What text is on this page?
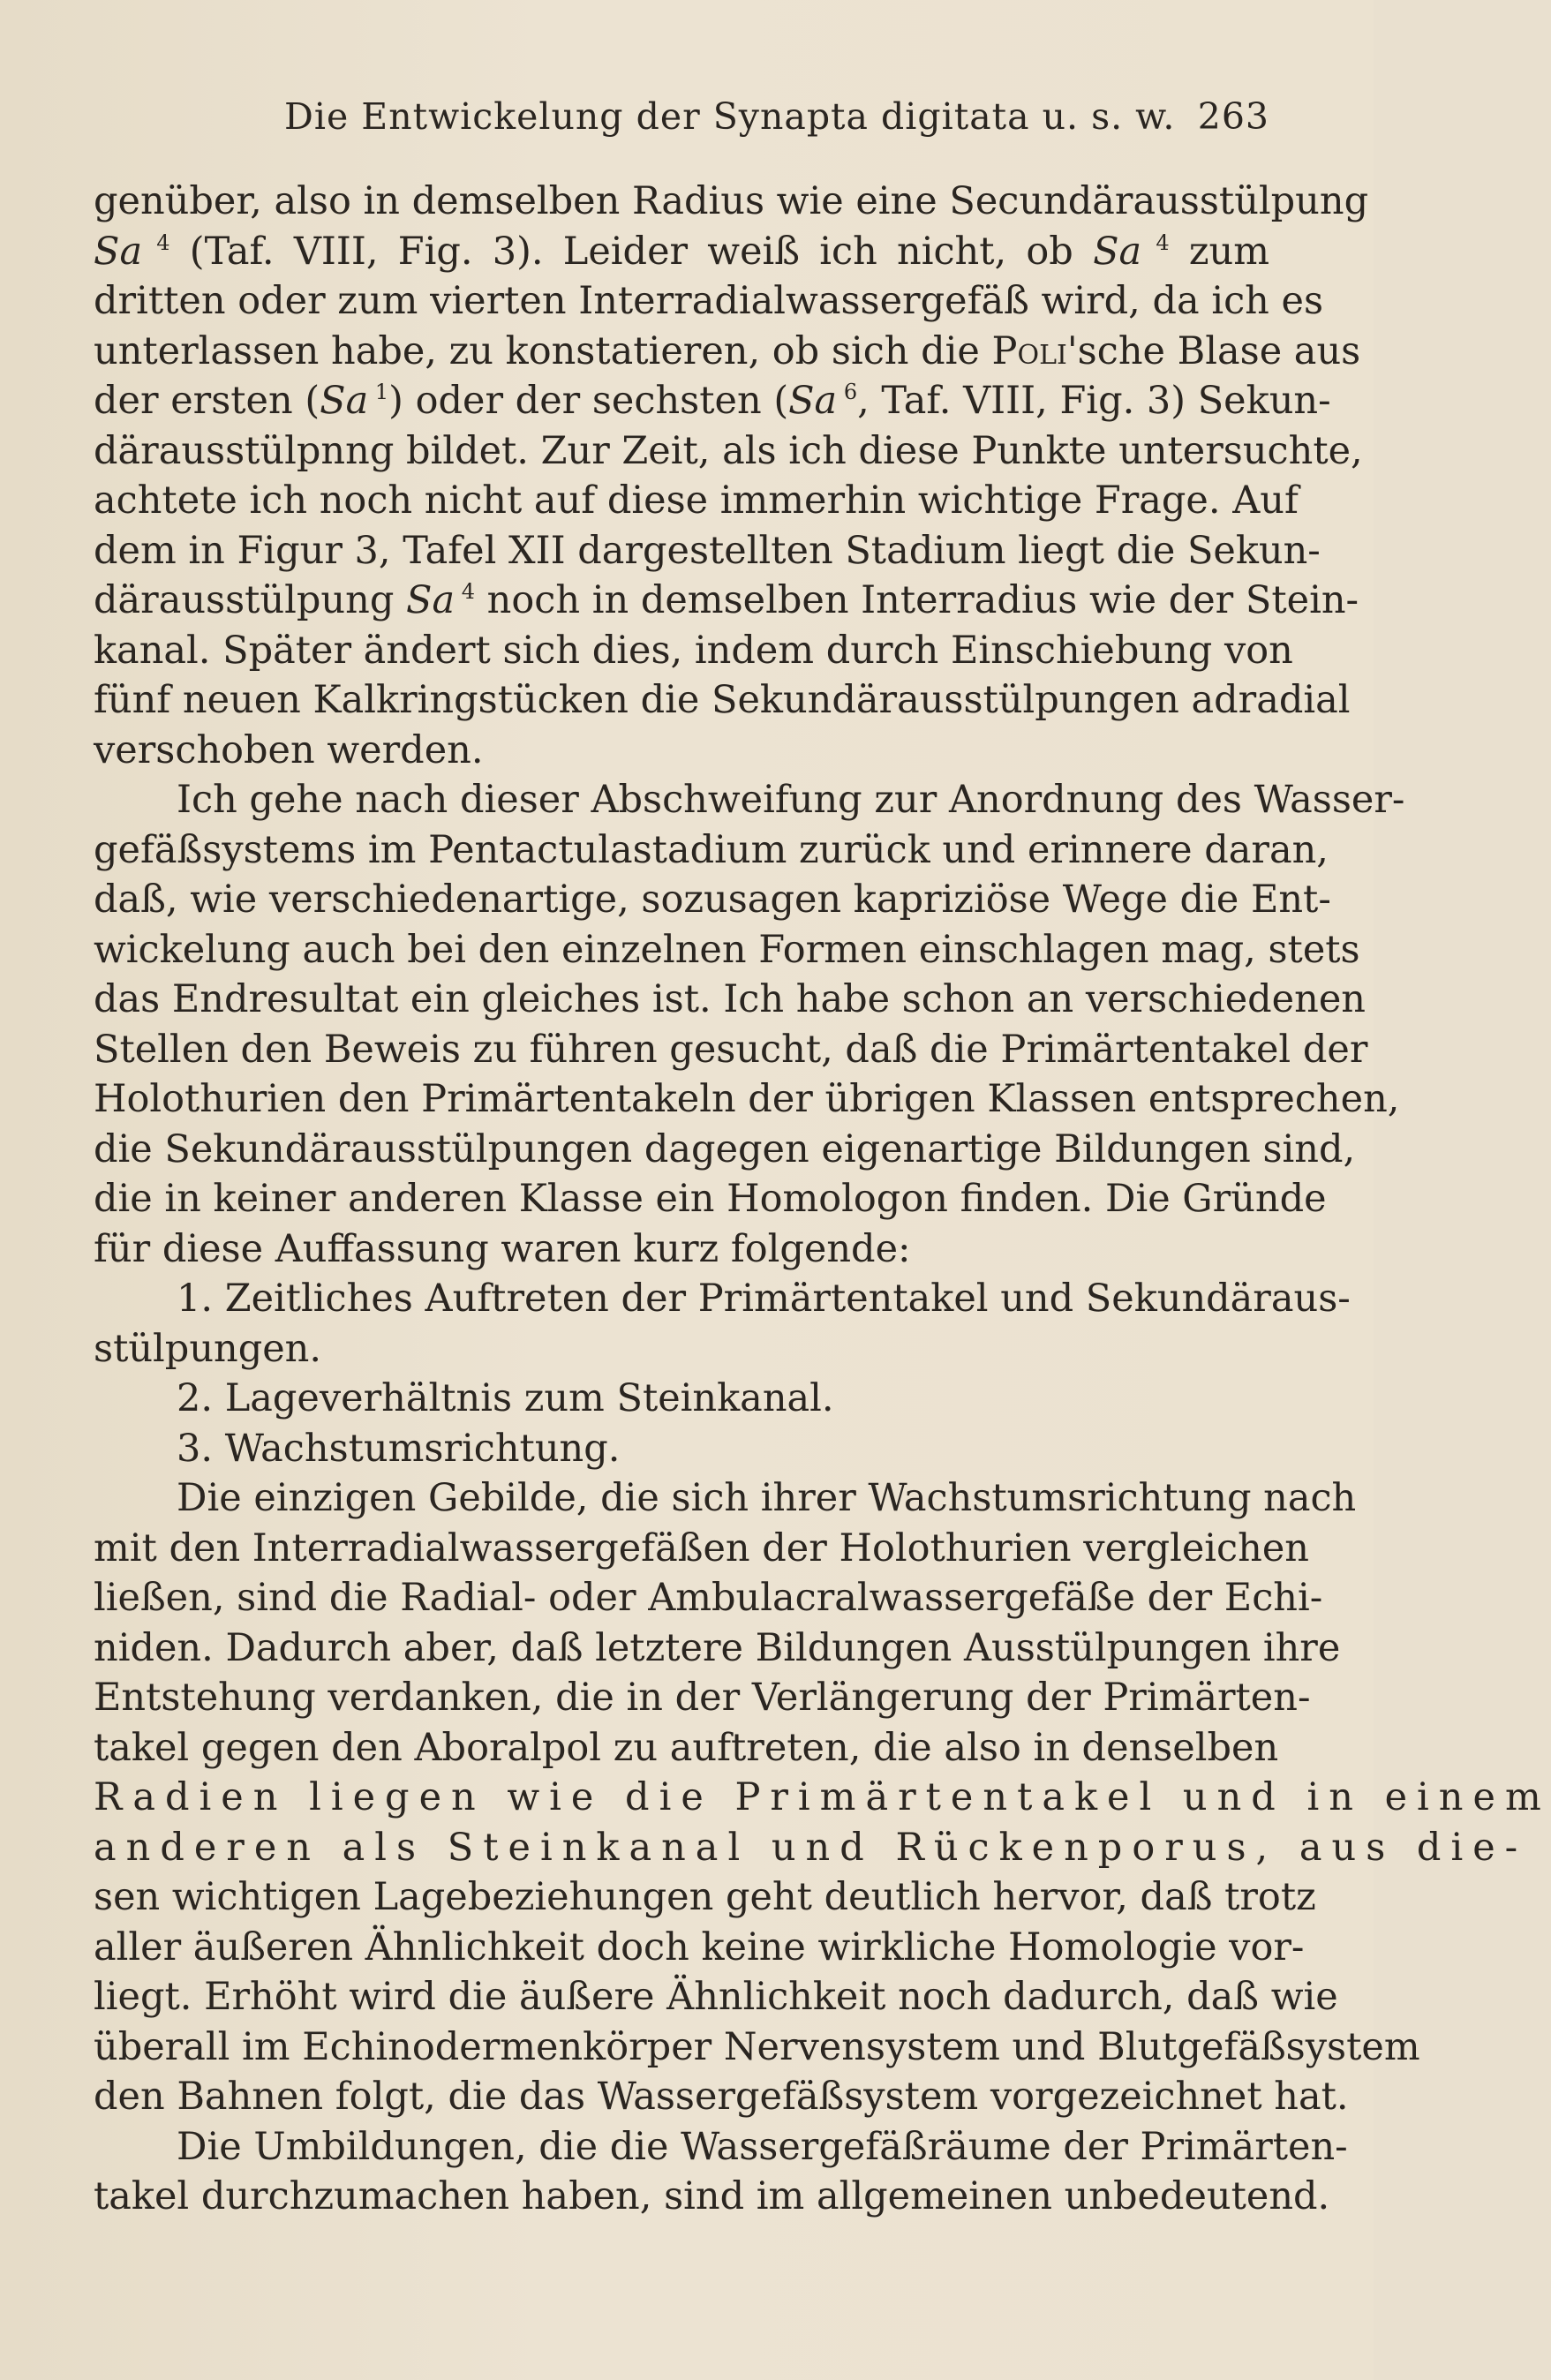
Die Entwickelung der Synapta digitata u. s. w. 263
genüber, also in demselben Radius wie eine Secundärausstülpung
Sa $^4$ (Taf. VIII, Fig. 3). Leider weiß ich nicht, ob Sa $^4$ zum
dritten oder zum vierten Interradialwassergefäß wird, da ich es
unterlassen habe, zu konstatieren, ob sich die Poli'sche Blase aus
der ersten (Sa $^1$) oder der sechsten (Sa $^6$, Taf. VIII, Fig. 3) Sekun-
därausstülpnng bildet. Zur Zeit, als ich diese Punkte untersuchte,
achtete ich noch nicht auf diese immerhin wichtige Frage. Auf
dem in Figur 3, Tafel XII dargestellten Stadium liegt die Sekun-
därausstülpung Sa $^4$ noch in demselben Interradius wie der Stein-
kanal. Später ändert sich dies, indem durch Einschiebung von
fünf neuen Kalkringstücken die Sekundärausstülpungen adradial
verschoben werden.
Ich gehe nach dieser Abschweifung zur Anordnung des Wasser-
gefäßsystems im Pentactulastadium zurück und erinnere daran,
daß, wie verschiedenartige, sozusagen kapriziöse Wege die Ent-
wickelung auch bei den einzelnen Formen einschlagen mag, stets
das Endresultat ein gleiches ist. Ich habe schon an verschiedenen
Stellen den Beweis zu führen gesucht, daß die Primärtentakel der
Holothurien den Primärtentakeln der übrigen Klassen entsprechen,
die Sekundärausstülpungen dagegen eigenartige Bildungen sind,
die in keiner anderen Klasse ein Homologon finden. Die Gründe
für diese Auffassung waren kurz folgende:
1. Zeitliches Auftreten der Primärtentakel und Sekundäraus-
stülpungen.
2. Lageverhältnis zum Steinkanal.
3. Wachstumsrichtung.
Die einzigen Gebilde, die sich ihrer Wachstumsrichtung nach
mit den Interradialwassergefäßen der Holothurien vergleichen
ließen, sind die Radial- oder Ambulacralwassergefäße der Echi-
niden. Dadurch aber, daß letztere Bildungen Ausstülpungen ihre
Entstehung verdanken, die in der Verlängerung der Primärten-
takel gegen den Aboralpol zu auftreten, die also in denselben
Radien liegen wie die Primärtentakel und in einem
anderen als Steinkanal und Rückenporus, aus die-
sen wichtigen Lagebeziehungen geht deutlich hervor, daß trotz
aller äußeren Ähnlichkeit doch keine wirkliche Homologie vor-
liegt. Erhöht wird die äußere Ähnlichkeit noch dadurch, daß wie
überall im Echinodermenkörper Nervensystem und Blutgefäßsystem
den Bahnen folgt, die das Wassergefäßsystem vorgezeichnet hat.
Die Umbildungen, die die Wassergefäßräume der Primärten-
takel durchzumachen haben, sind im allgemeinen unbedeutend.
